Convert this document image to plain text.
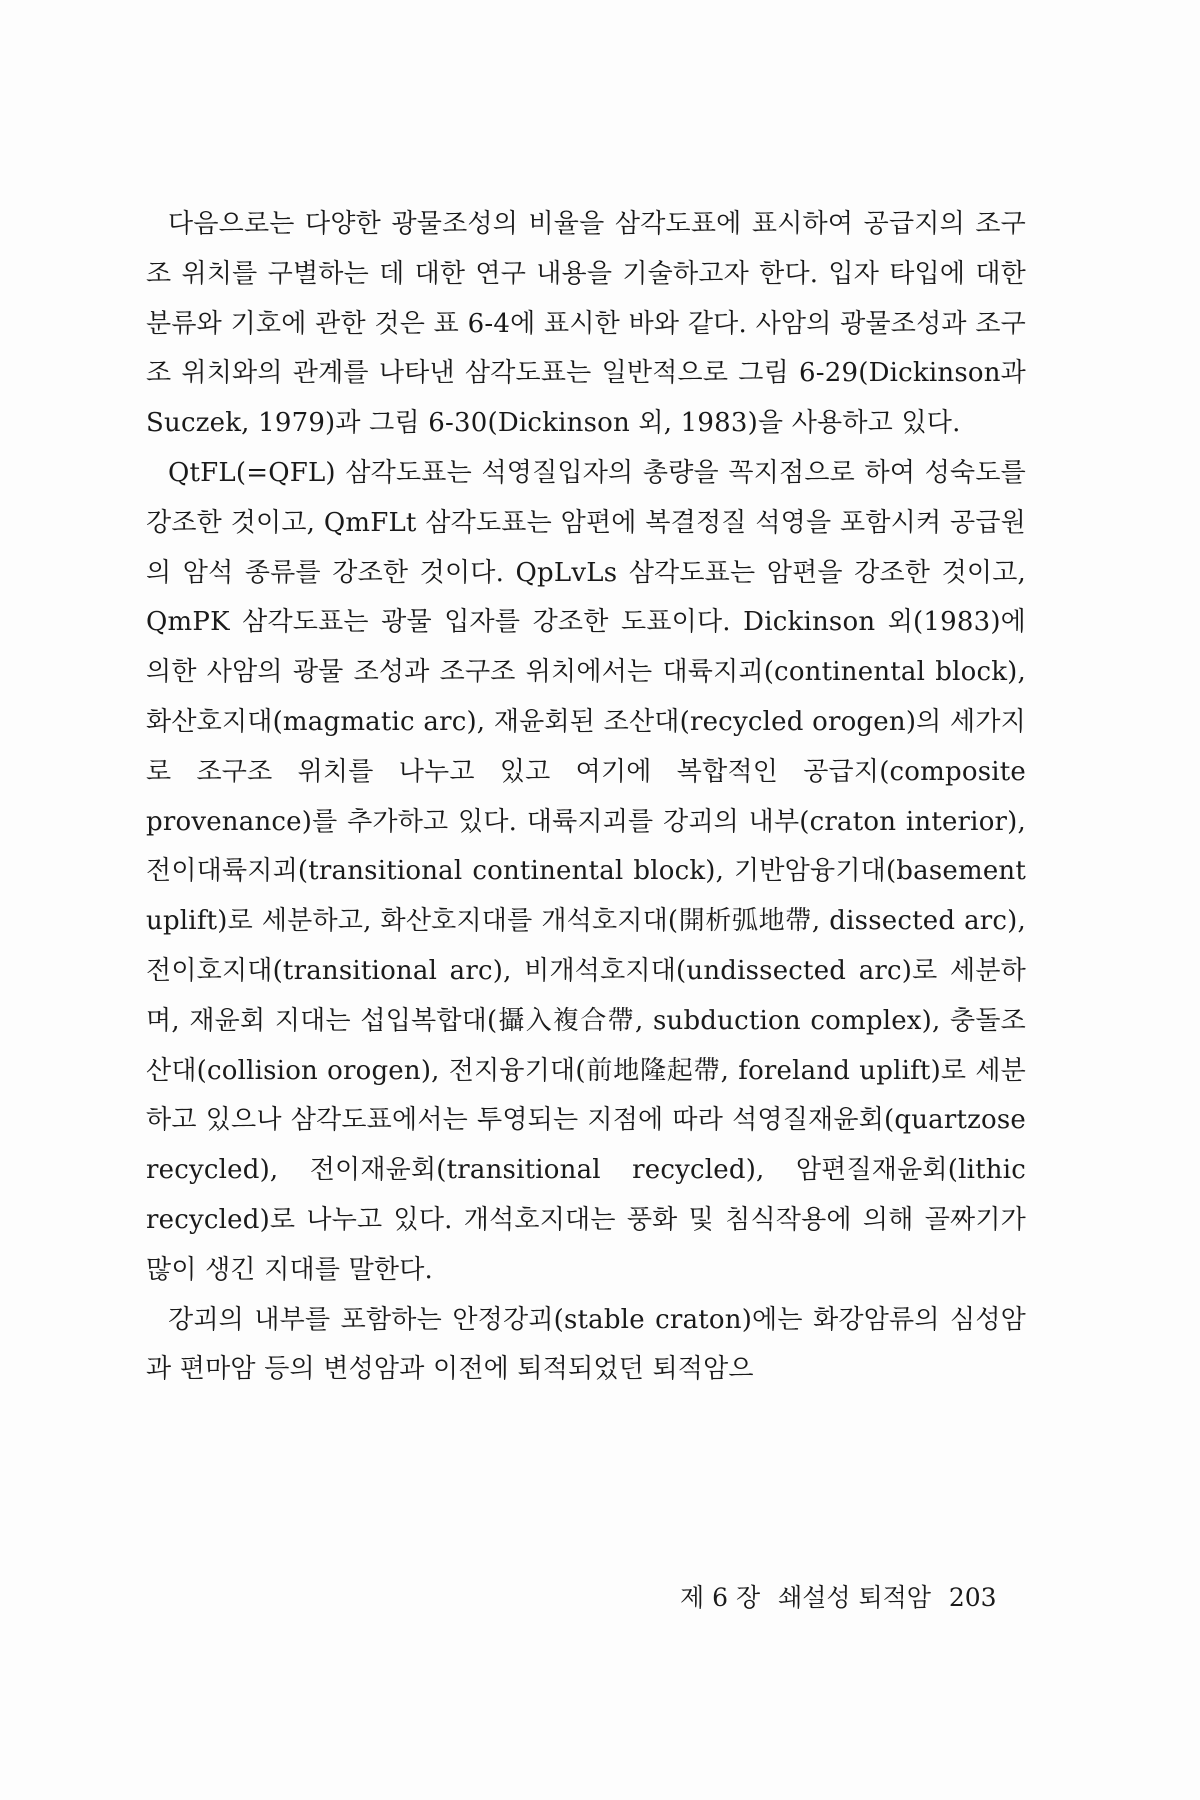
다음으로는 다양한 광물조성의 비율을 삼각도표에 표시하여 공급지의 조구조 위치를 구별하는 데 대한 연구 내용을 기술하고자 한다. 입자 타입에 대한 분류와 기호에 관한 것은 표 6-4에 표시한 바와 같다. 사암의 광물조성과 조구조 위치와의 관계를 나타낸 삼각도표는 일반적으로 그림 6-29(Dickinson과 Suczek, 1979)과 그림 6-30(Dickinson 외, 1983)을 사용하고 있다.

QtFL(=QFL) 삼각도표는 석영질입자의 총량을 꼭지점으로 하여 성숙도를 강조한 것이고, QmFLt 삼각도표는 암편에 복결정질 석영을 포함시켜 공급원의 암석 종류를 강조한 것이다. QpLvLs 삼각도표는 암편을 강조한 것이고, QmPK 삼각도표는 광물 입자를 강조한 도표이다. Dickinson 외(1983)에 의한 사암의 광물 조성과 조구조 위치에서는 대륙지괴(continental block), 화산호지대(magmatic arc), 재윤회된 조산대(recycled orogen)의 세가지로 조구조 위치를 나누고 있고 여기에 복합적인 공급지(composite provenance)를 추가하고 있다. 대륙지괴를 강괴의 내부(craton interior), 전이대륙지괴(transitional continental block), 기반암융기대(basement uplift)로 세분하고, 화산호지대를 개석호지대(開析弧地帶, dissected arc), 전이호지대(transitional arc), 비개석호지대(undissected arc)로 세분하며, 재윤회 지대는 섭입복합대(攝入複合帶, subduction complex), 충돌조산대(collision orogen), 전지융기대(前地隆起帶, foreland uplift)로 세분하고 있으나 삼각도표에서는 투영되는 지점에 따라 석영질재윤회(quartzose recycled), 전이재윤회(transitional recycled), 암편질재윤회(lithic recycled)로 나누고 있다. 개석호지대는 풍화 및 침식작용에 의해 골짜기가 많이 생긴 지대를 말한다.

강괴의 내부를 포함하는 안정강괴(stable craton)에는 화강암류의 심성암과 편마암 등의 변성암과 이전에 퇴적되었던 퇴적암으

제 6 장 쇄설성 퇴적암 203
